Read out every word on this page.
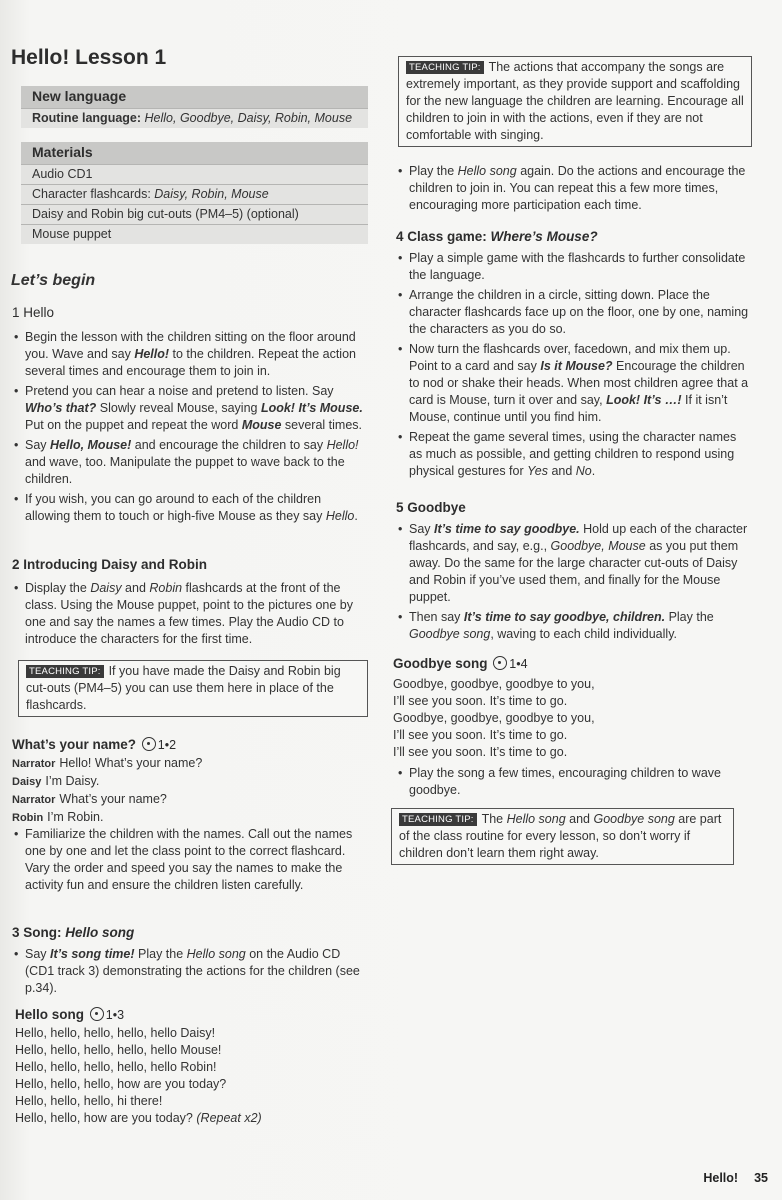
Hello! Lesson 1
New language
Routine language: Hello, Goodbye, Daisy, Robin, Mouse
Materials
Audio CD1
Character flashcards: Daisy, Robin, Mouse
Daisy and Robin big cut-outs (PM4–5) (optional)
Mouse puppet
Let’s begin
1 Hello
• Begin the lesson with the children sitting on the floor around you. Wave and say Hello! to the children. Repeat the action several times and encourage them to join in.
• Pretend you can hear a noise and pretend to listen. Say Who’s that? Slowly reveal Mouse, saying Look! It’s Mouse. Put on the puppet and repeat the word Mouse several times.
• Say Hello, Mouse! and encourage the children to say Hello! and wave, too. Manipulate the puppet to wave back to the children.
• If you wish, you can go around to each of the children allowing them to touch or high-five Mouse as they say Hello.
2 Introducing Daisy and Robin
• Display the Daisy and Robin flashcards at the front of the class. Using the Mouse puppet, point to the pictures one by one and say the names a few times. Play the Audio CD to introduce the characters for the first time.
TEACHING TIP: If you have made the Daisy and Robin big cut-outs (PM4–5) you can use them here in place of the flashcards.
What’s your name? 1•2
Narrator Hello! What’s your name?
Daisy I’m Daisy.
Narrator What’s your name?
Robin I’m Robin.
• Familiarize the children with the names. Call out the names one by one and let the class point to the correct flashcard. Vary the order and speed you say the names to make the activity fun and ensure the children listen carefully.
3 Song: Hello song
• Say It’s song time! Play the Hello song on the Audio CD (CD1 track 3) demonstrating the actions for the children (see p.34).
Hello song 1•3
Hello, hello, hello, hello, hello Daisy!
Hello, hello, hello, hello, hello Mouse!
Hello, hello, hello, hello, hello Robin!
Hello, hello, hello, how are you today?
Hello, hello, hello, hi there!
Hello, hello, how are you today? (Repeat x2)
TEACHING TIP: The actions that accompany the songs are extremely important, as they provide support and scaffolding for the new language the children are learning. Encourage all children to join in with the actions, even if they are not comfortable with singing.
• Play the Hello song again. Do the actions and encourage the children to join in. You can repeat this a few more times, encouraging more participation each time.
4 Class game: Where’s Mouse?
• Play a simple game with the flashcards to further consolidate the language.
• Arrange the children in a circle, sitting down. Place the character flashcards face up on the floor, one by one, naming the characters as you do so.
• Now turn the flashcards over, facedown, and mix them up. Point to a card and say Is it Mouse? Encourage the children to nod or shake their heads. When most children agree that a card is Mouse, turn it over and say, Look! It’s …! If it isn’t Mouse, continue until you find him.
• Repeat the game several times, using the character names as much as possible, and getting children to respond using physical gestures for Yes and No.
5 Goodbye
• Say It’s time to say goodbye. Hold up each of the character flashcards, and say, e.g., Goodbye, Mouse as you put them away. Do the same for the large character cut-outs of Daisy and Robin if you’ve used them, and finally for the Mouse puppet.
• Then say It’s time to say goodbye, children. Play the Goodbye song, waving to each child individually.
Goodbye song 1•4
Goodbye, goodbye, goodbye to you,
I’ll see you soon. It’s time to go.
Goodbye, goodbye, goodbye to you,
I’ll see you soon. It’s time to go.
I’ll see you soon. It’s time to go.
• Play the song a few times, encouraging children to wave goodbye.
TEACHING TIP: The Hello song and Goodbye song are part of the class routine for every lesson, so don’t worry if children don’t learn them right away.
Hello! 35
